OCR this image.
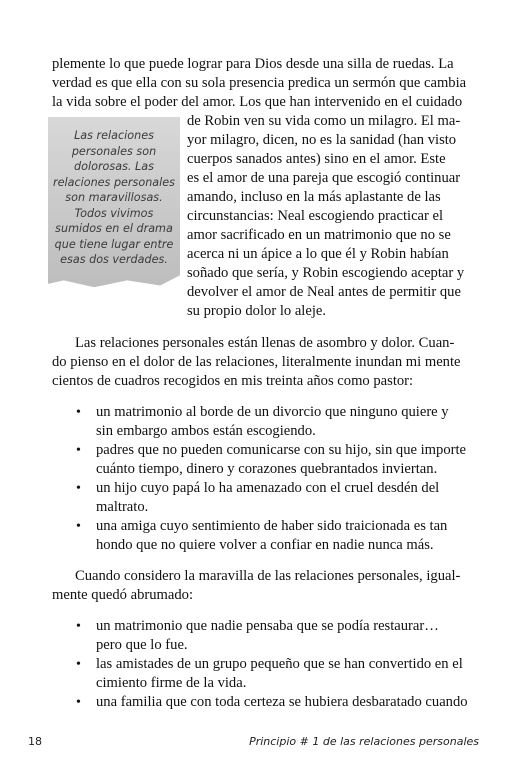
plemente lo que puede lograr para Dios desde una silla de ruedas. La
verdad es que ella con su sola presencia predica un sermón que cambia
la vida sobre el poder del amor. Los que han intervenido en el cuidado
Las relaciones
personales son
dolorosas. Las
relaciones personales
son maravillosas.
Todos vivimos
sumidos en el drama
que tiene lugar entre
esas dos verdades.
de Robin ven su vida como un milagro. El ma-
yor milagro, dicen, no es la sanidad (han visto
cuerpos sanados antes) sino en el amor. Este
es el amor de una pareja que escogió continuar
amando, incluso en la más aplastante de las
circunstancias: Neal escogiendo practicar el
amor sacrificado en un matrimonio que no se
acerca ni un ápice a lo que él y Robin habían
soñado que sería, y Robin escogiendo aceptar y
devolver el amor de Neal antes de permitir que
su propio dolor lo aleje.
Las relaciones personales están llenas de asombro y dolor. Cuan-
do pienso en el dolor de las relaciones, literalmente inundan mi mente
cientos de cuadros recogidos en mis treinta años como pastor:
• un matrimonio al borde de un divorcio que ninguno quiere y
sin embargo ambos están escogiendo.
• padres que no pueden comunicarse con su hijo, sin que importe
cuánto tiempo, dinero y corazones quebrantados inviertan.
• un hijo cuyo papá lo ha amenazado con el cruel desdén del
maltrato.
• una amiga cuyo sentimiento de haber sido traicionada es tan
hondo que no quiere volver a confiar en nadie nunca más.
Cuando considero la maravilla de las relaciones personales, igual-
mente quedó abrumado:
• un matrimonio que nadie pensaba que se podía restaurar…
pero que lo fue.
• las amistades de un grupo pequeño que se han convertido en el
cimiento firme de la vida.
• una familia que con toda certeza se hubiera desbaratado cuando
18	Principio # 1 de las relaciones personales
